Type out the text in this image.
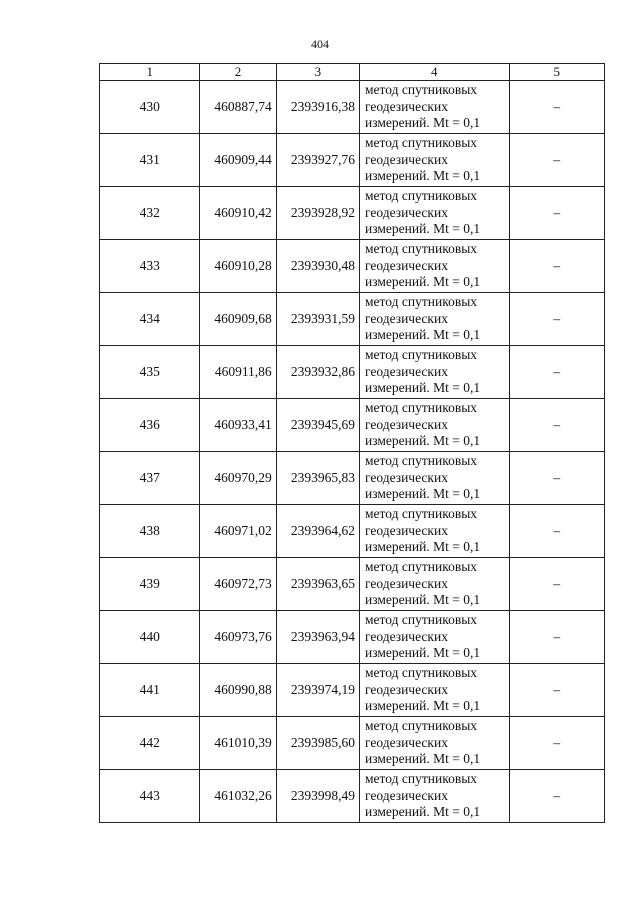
404
1	2	3	4	5
430	460887,74	2393916,38	метод спутниковых
геодезических
измерений. Mt = 0,1	–
431	460909,44	2393927,76	метод спутниковых
геодезических
измерений. Mt = 0,1	–
432	460910,42	2393928,92	метод спутниковых
геодезических
измерений. Mt = 0,1	–
433	460910,28	2393930,48	метод спутниковых
геодезических
измерений. Mt = 0,1	–
434	460909,68	2393931,59	метод спутниковых
геодезических
измерений. Mt = 0,1	–
435	460911,86	2393932,86	метод спутниковых
геодезических
измерений. Mt = 0,1	–
436	460933,41	2393945,69	метод спутниковых
геодезических
измерений. Mt = 0,1	–
437	460970,29	2393965,83	метод спутниковых
геодезических
измерений. Mt = 0,1	–
438	460971,02	2393964,62	метод спутниковых
геодезических
измерений. Mt = 0,1	–
439	460972,73	2393963,65	метод спутниковых
геодезических
измерений. Mt = 0,1	–
440	460973,76	2393963,94	метод спутниковых
геодезических
измерений. Mt = 0,1	–
441	460990,88	2393974,19	метод спутниковых
геодезических
измерений. Mt = 0,1	–
442	461010,39	2393985,60	метод спутниковых
геодезических
измерений. Mt = 0,1	–
443	461032,26	2393998,49	метод спутниковых
геодезических
измерений. Mt = 0,1	–
